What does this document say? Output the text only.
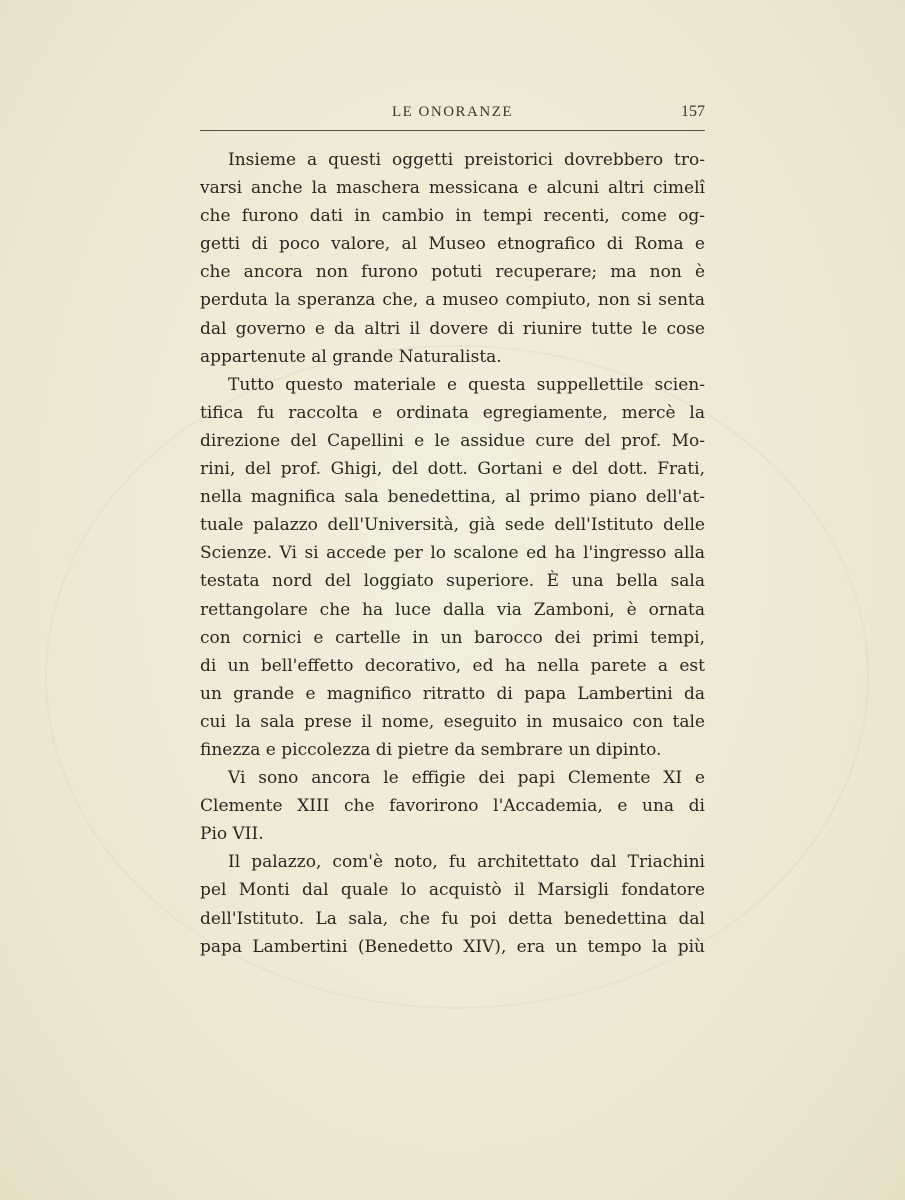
LE ONORANZE	157
Insieme a questi oggetti preistorici dovrebbero tro-
varsi anche la maschera messicana e alcuni altri cimelî
che furono dati in cambio in tempi recenti, come og-
getti di poco valore, al Museo etnografico di Roma e
che ancora non furono potuti recuperare; ma non è
perduta la speranza che, a museo compiuto, non si senta
dal governo e da altri il dovere di riunire tutte le cose
appartenute al grande Naturalista.
Tutto questo materiale e questa suppellettile scien-
tifica fu raccolta e ordinata egregiamente, mercè la
direzione del Capellini e le assidue cure del prof. Mo-
rini, del prof. Ghigi, del dott. Gortani e del dott. Frati,
nella magnifica sala benedettina, al primo piano dell'at-
tuale palazzo dell'Università, già sede dell'Istituto delle
Scienze. Vi si accede per lo scalone ed ha l'ingresso alla
testata nord del loggiato superiore. È una bella sala
rettangolare che ha luce dalla via Zamboni, è ornata
con cornici e cartelle in un barocco dei primi tempi,
di un bell'effetto decorativo, ed ha nella parete a est
un grande e magnifico ritratto di papa Lambertini da
cui la sala prese il nome, eseguito in musaico con tale
finezza e piccolezza di pietre da sembrare un dipinto.
Vi sono ancora le effigie dei papi Clemente XI e
Clemente XIII che favorirono l'Accademia, e una di
Pio VII.
Il palazzo, com'è noto, fu architettato dal Triachini
pel Monti dal quale lo acquistò il Marsigli fondatore
dell'Istituto. La sala, che fu poi detta benedettina dal
papa Lambertini (Benedetto XIV), era un tempo la più
